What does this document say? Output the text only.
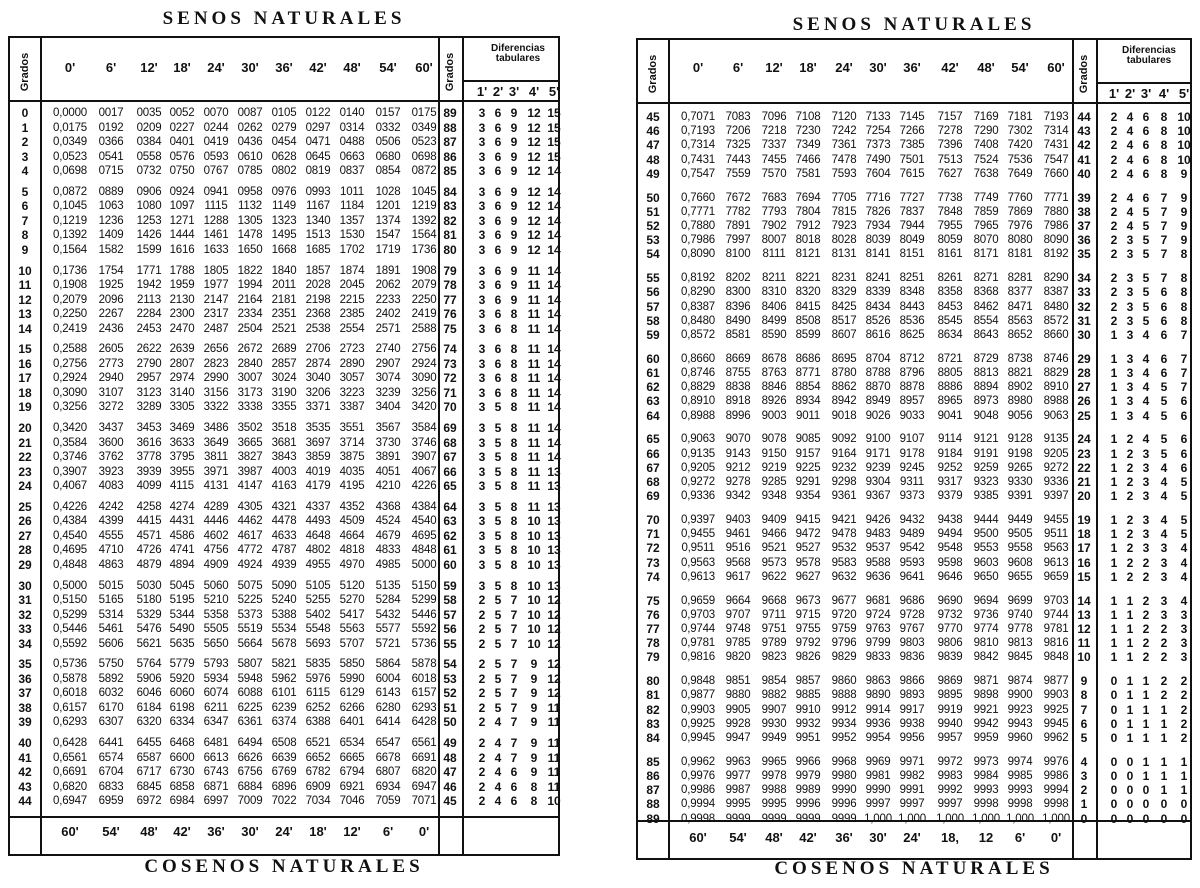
SENOS NATURALES
Grados	Grados
Diferencias tabulares
0' 6' 12' 18' 24' 30' 36' 42' 48' 54' 60'
1' 2' 3' 4' 5'
0 0,0000 0017 0035 0052 0070 0087 0105 0122 0140 0157 0175 89 3 6 9 12 15
1 0,0175 0192 0209 0227 0244 0262 0279 0297 0314 0332 0349 88 3 6 9 12 15
2 0,0349 0366 0384 0401 0419 0436 0454 0471 0488 0506 0523 87 3 6 9 12 15
3 0,0523 0541 0558 0576 0593 0610 0628 0645 0663 0680 0698 86 3 6 9 12 15
4 0,0698 0715 0732 0750 0767 0785 0802 0819 0837 0854 0872 85 3 6 9 12 14
5 0,0872 0889 0906 0924 0941 0958 0976 0993 1011 1028 1045 84 3 6 9 12 14
6 0,1045 1063 1080 1097 1115 1132 1149 1167 1184 1201 1219 83 3 6 9 12 14
7 0,1219 1236 1253 1271 1288 1305 1323 1340 1357 1374 1392 82 3 6 9 12 14
8 0,1392 1409 1426 1444 1461 1478 1495 1513 1530 1547 1564 81 3 6 9 12 14
9 0,1564 1582 1599 1616 1633 1650 1668 1685 1702 1719 1736 80 3 6 9 12 14
10 0,1736 1754 1771 1788 1805 1822 1840 1857 1874 1891 1908 79 3 6 9 11 14
11 0,1908 1925 1942 1959 1977 1994 2011 2028 2045 2062 2079 78 3 6 9 11 14
12 0,2079 2096 2113 2130 2147 2164 2181 2198 2215 2233 2250 77 3 6 9 11 14
13 0,2250 2267 2284 2300 2317 2334 2351 2368 2385 2402 2419 76 3 6 8 11 14
14 0,2419 2436 2453 2470 2487 2504 2521 2538 2554 2571 2588 75 3 6 8 11 14
15 0,2588 2605 2622 2639 2656 2672 2689 2706 2723 2740 2756 74 3 6 8 11 14
16 0,2756 2773 2790 2807 2823 2840 2857 2874 2890 2907 2924 73 3 6 8 11 14
17 0,2924 2940 2957 2974 2990 3007 3024 3040 3057 3074 3090 72 3 6 8 11 14
18 0,3090 3107 3123 3140 3156 3173 3190 3206 3223 3239 3256 71 3 6 8 11 14
19 0,3256 3272 3289 3305 3322 3338 3355 3371 3387 3404 3420 70 3 5 8 11 14
20 0,3420 3437 3453 3469 3486 3502 3518 3535 3551 3567 3584 69 3 5 8 11 14
21 0,3584 3600 3616 3633 3649 3665 3681 3697 3714 3730 3746 68 3 5 8 11 14
22 0,3746 3762 3778 3795 3811 3827 3843 3859 3875 3891 3907 67 3 5 8 11 14
23 0,3907 3923 3939 3955 3971 3987 4003 4019 4035 4051 4067 66 3 5 8 11 13
24 0,4067 4083 4099 4115 4131 4147 4163 4179 4195 4210 4226 65 3 5 8 11 13
25 0,4226 4242 4258 4274 4289 4305 4321 4337 4352 4368 4384 64 3 5 8 11 13
26 0,4384 4399 4415 4431 4446 4462 4478 4493 4509 4524 4540 63 3 5 8 10 13
27 0,4540 4555 4571 4586 4602 4617 4633 4648 4664 4679 4695 62 3 5 8 10 13
28 0,4695 4710 4726 4741 4756 4772 4787 4802 4818 4833 4848 61 3 5 8 10 13
29 0,4848 4863 4879 4894 4909 4924 4939 4955 4970 4985 5000 60 3 5 8 10 13
30 0,5000 5015 5030 5045 5060 5075 5090 5105 5120 5135 5150 59 3 5 8 10 13
31 0,5150 5165 5180 5195 5210 5225 5240 5255 5270 5284 5299 58 2 5 7 10 12
32 0,5299 5314 5329 5344 5358 5373 5388 5402 5417 5432 5446 57 2 5 7 10 12
33 0,5446 5461 5476 5490 5505 5519 5534 5548 5563 5577 5592 56 2 5 7 10 12
34 0,5592 5606 5621 5635 5650 5664 5678 5693 5707 5721 5736 55 2 5 7 10 12
35 0,5736 5750 5764 5779 5793 5807 5821 5835 5850 5864 5878 54 2 5 7 9 12
36 0,5878 5892 5906 5920 5934 5948 5962 5976 5990 6004 6018 53 2 5 7 9 12
37 0,6018 6032 6046 6060 6074 6088 6101 6115 6129 6143 6157 52 2 5 7 9 12
38 0,6157 6170 6184 6198 6211 6225 6239 6252 6266 6280 6293 51 2 5 7 9 11
39 0,6293 6307 6320 6334 6347 6361 6374 6388 6401 6414 6428 50 2 4 7 9 11
40 0,6428 6441 6455 6468 6481 6494 6508 6521 6534 6547 6561 49 2 4 7 9 11
41 0,6561 6574 6587 6600 6613 6626 6639 6652 6665 6678 6691 48 2 4 7 9 11
42 0,6691 6704 6717 6730 6743 6756 6769 6782 6794 6807 6820 47 2 4 6 9 11
43 0,6820 6833 6845 6858 6871 6884 6896 6909 6921 6934 6947 46 2 4 6 8 11
44 0,6947 6959 6972 6984 6997 7009 7022 7034 7046 7059 7071 45 2 4 6 8 10
60' 54' 48' 42' 36' 30' 24' 18' 12' 6' 0'
COSENOS NATURALES
SENOS NATURALES
Grados	Grados
Diferencias tabulares
0' 6' 12' 18' 24' 30' 36' 42' 48' 54' 60'
1' 2' 3' 4' 5'
45 0,7071 7083 7096 7108 7120 7133 7145 7157 7169 7181 7193 44 2 4 6 8 10
46 0,7193 7206 7218 7230 7242 7254 7266 7278 7290 7302 7314 43 2 4 6 8 10
47 0,7314 7325 7337 7349 7361 7373 7385 7396 7408 7420 7431 42 2 4 6 8 10
48 0,7431 7443 7455 7466 7478 7490 7501 7513 7524 7536 7547 41 2 4 6 8 10
49 0,7547 7559 7570 7581 7593 7604 7615 7627 7638 7649 7660 40 2 4 6 8 9
50 0,7660 7672 7683 7694 7705 7716 7727 7738 7749 7760 7771 39 2 4 6 7 9
51 0,7771 7782 7793 7804 7815 7826 7837 7848 7859 7869 7880 38 2 4 5 7 9
52 0,7880 7891 7902 7912 7923 7934 7944 7955 7965 7976 7986 37 2 4 5 7 9
53 0,7986 7997 8007 8018 8028 8039 8049 8059 8070 8080 8090 36 2 3 5 7 9
54 0,8090 8100 8111 8121 8131 8141 8151 8161 8171 8181 8192 35 2 3 5 7 8
55 0,8192 8202 8211 8221 8231 8241 8251 8261 8271 8281 8290 34 2 3 5 7 8
56 0,8290 8300 8310 8320 8329 8339 8348 8358 8368 8377 8387 33 2 3 5 6 8
57 0,8387 8396 8406 8415 8425 8434 8443 8453 8462 8471 8480 32 2 3 5 6 8
58 0,8480 8490 8499 8508 8517 8526 8536 8545 8554 8563 8572 31 2 3 5 6 8
59 0,8572 8581 8590 8599 8607 8616 8625 8634 8643 8652 8660 30 1 3 4 6 7
60 0,8660 8669 8678 8686 8695 8704 8712 8721 8729 8738 8746 29 1 3 4 6 7
61 0,8746 8755 8763 8771 8780 8788 8796 8805 8813 8821 8829 28 1 3 4 6 7
62 0,8829 8838 8846 8854 8862 8870 8878 8886 8894 8902 8910 27 1 3 4 5 7
63 0,8910 8918 8926 8934 8942 8949 8957 8965 8973 8980 8988 26 1 3 4 5 6
64 0,8988 8996 9003 9011 9018 9026 9033 9041 9048 9056 9063 25 1 3 4 5 6
65 0,9063 9070 9078 9085 9092 9100 9107 9114 9121 9128 9135 24 1 2 4 5 6
66 0,9135 9143 9150 9157 9164 9171 9178 9184 9191 9198 9205 23 1 2 3 5 6
67 0,9205 9212 9219 9225 9232 9239 9245 9252 9259 9265 9272 22 1 2 3 4 6
68 0,9272 9278 9285 9291 9298 9304 9311 9317 9323 9330 9336 21 1 2 3 4 5
69 0,9336 9342 9348 9354 9361 9367 9373 9379 9385 9391 9397 20 1 2 3 4 5
70 0,9397 9403 9409 9415 9421 9426 9432 9438 9444 9449 9455 19 1 2 3 4 5
71 0,9455 9461 9466 9472 9478 9483 9489 9494 9500 9505 9511 18 1 2 3 4 5
72 0,9511 9516 9521 9527 9532 9537 9542 9548 9553 9558 9563 17 1 2 3 3 4
73 0,9563 9568 9573 9578 9583 9588 9593 9598 9603 9608 9613 16 1 2 2 3 4
74 0,9613 9617 9622 9627 9632 9636 9641 9646 9650 9655 9659 15 1 2 2 3 4
75 0,9659 9664 9668 9673 9677 9681 9686 9690 9694 9699 9703 14 1 1 2 3 4
76 0,9703 9707 9711 9715 9720 9724 9728 9732 9736 9740 9744 13 1 1 2 3 3
77 0,9744 9748 9751 9755 9759 9763 9767 9770 9774 9778 9781 12 1 1 2 2 3
78 0,9781 9785 9789 9792 9796 9799 9803 9806 9810 9813 9816 11 1 1 2 2 3
79 0,9816 9820 9823 9826 9829 9833 9836 9839 9842 9845 9848 10 1 1 2 2 3
80 0,9848 9851 9854 9857 9860 9863 9866 9869 9871 9874 9877 9 0 1 1 2 2
81 0,9877 9880 9882 9885 9888 9890 9893 9895 9898 9900 9903 8 0 1 1 2 2
82 0,9903 9905 9907 9910 9912 9914 9917 9919 9921 9923 9925 7 0 1 1 1 2
83 0,9925 9928 9930 9932 9934 9936 9938 9940 9942 9943 9945 6 0 1 1 1 2
84 0,9945 9947 9949 9951 9952 9954 9956 9957 9959 9960 9962 5 0 1 1 1 2
85 0,9962 9963 9965 9966 9968 9969 9971 9972 9973 9974 9976 4 0 0 1 1 1
86 0,9976 9977 9978 9979 9980 9981 9982 9983 9984 9985 9986 3 0 0 1 1 1
87 0,9986 9987 9988 9989 9990 9990 9991 9992 9993 9993 9994 2 0 0 0 1 1
88 0,9994 9995 9995 9996 9996 9997 9997 9997 9998 9998 9998 1 0 0 0 0 0
89 0,9998 9999 9999 9999 9999 1,000 1,000 1,000 1,000 1,000 1,000 0 0 0 0 0 0
60' 54' 48' 42' 36' 30' 24' 18, 12 6' 0'
COSENOS NATURALES
